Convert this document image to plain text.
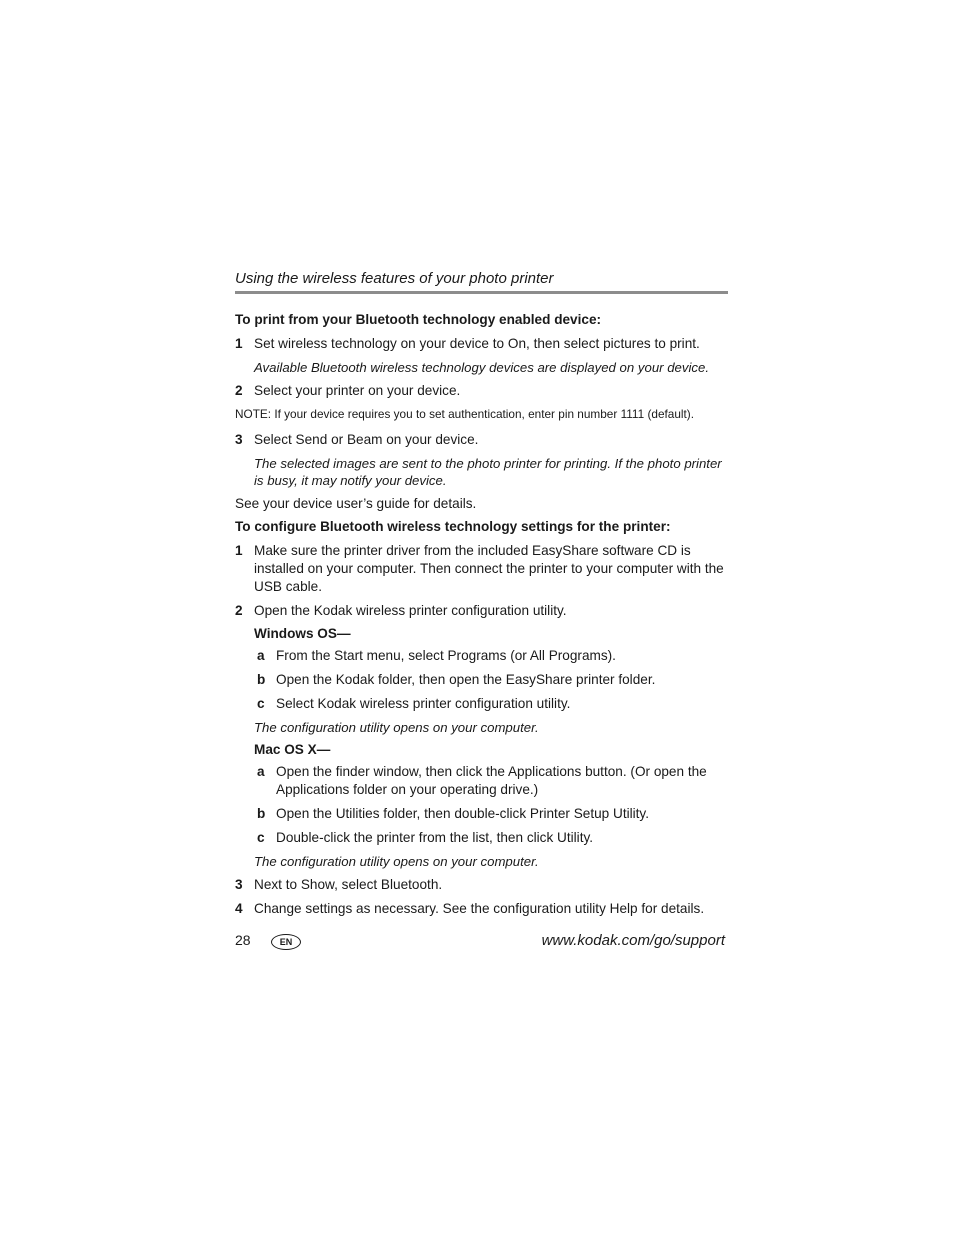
Using the wireless features of your photo printer
To print from your Bluetooth technology enabled device:
1 Set wireless technology on your device to On, then select pictures to print.
Available Bluetooth wireless technology devices are displayed on your device.
2 Select your printer on your device.
NOTE: If your device requires you to set authentication, enter pin number 1111 (default).
3 Select Send or Beam on your device.
The selected images are sent to the photo printer for printing. If the photo printer is busy, it may notify your device.
See your device user’s guide for details.
To configure Bluetooth wireless technology settings for the printer:
1 Make sure the printer driver from the included EasyShare software CD is installed on your computer. Then connect the printer to your computer with the USB cable.
2 Open the Kodak wireless printer configuration utility.
Windows OS—
a From the Start menu, select Programs (or All Programs).
b Open the Kodak folder, then open the EasyShare printer folder.
c Select Kodak wireless printer configuration utility.
The configuration utility opens on your computer.
Mac OS X—
a Open the finder window, then click the Applications button. (Or open the Applications folder on your operating drive.)
b Open the Utilities folder, then double-click Printer Setup Utility.
c Double-click the printer from the list, then click Utility.
The configuration utility opens on your computer.
3 Next to Show, select Bluetooth.
4 Change settings as necessary. See the configuration utility Help for details.
28	EN	www.kodak.com/go/support
